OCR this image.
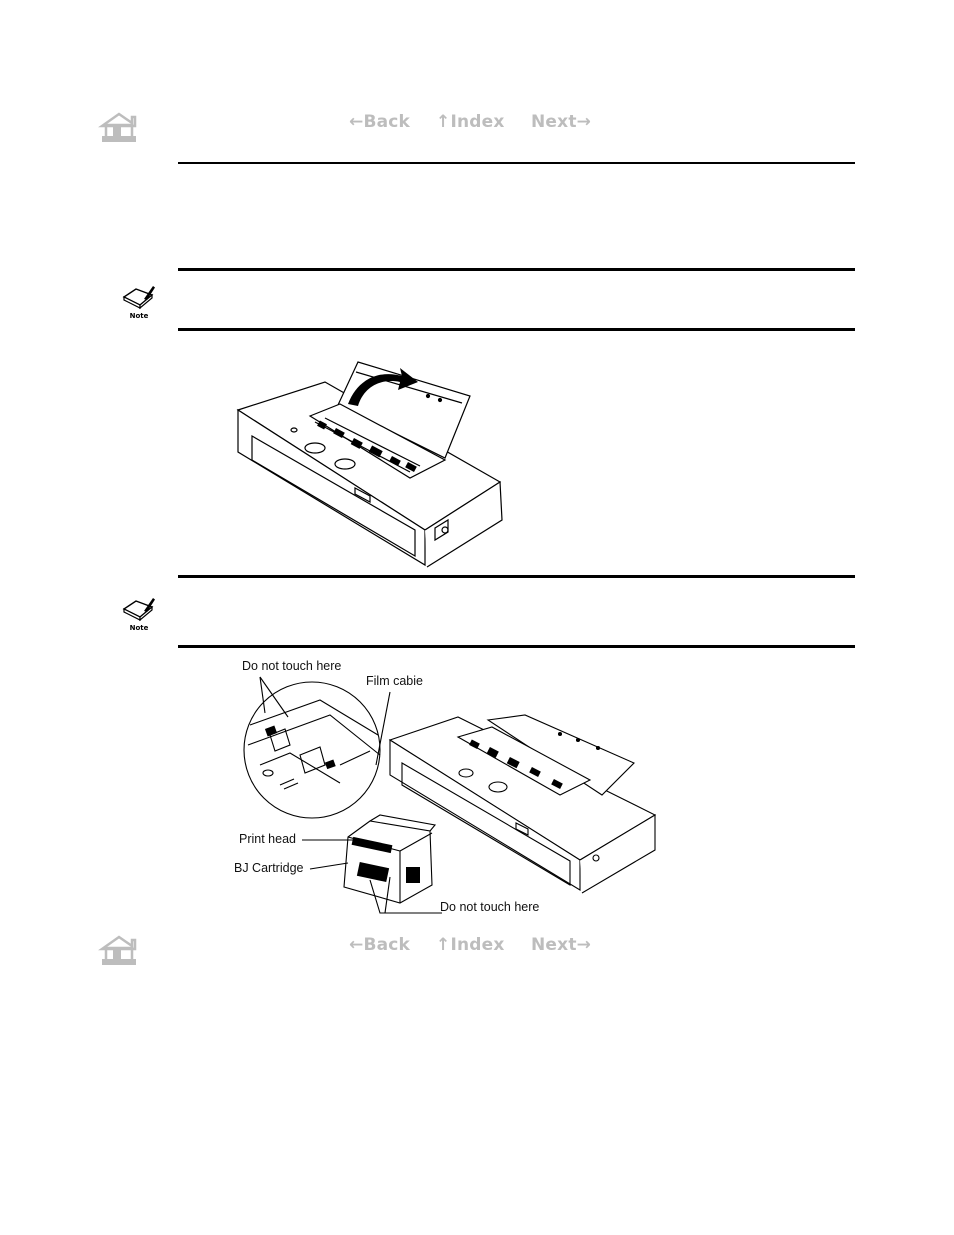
←Back ↑Index Next→
Note
Note
Do not touch here
Film cabie
Print head
BJ Cartridge
Do not touch here
←Back ↑Index Next→
